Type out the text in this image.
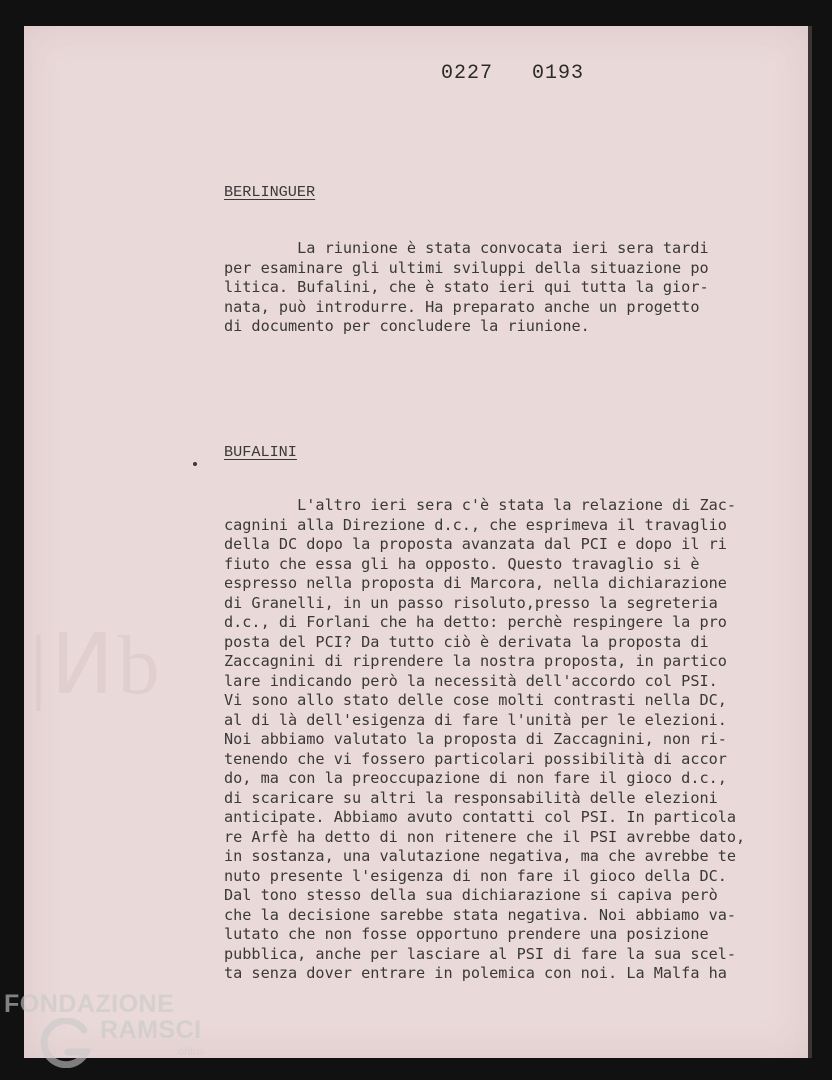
|Ͷb
0227   0193
BERLINGUER
La riunione è stata convocata ieri sera tardi
per esaminare gli ultimi sviluppi della situazione po
litica. Bufalini, che è stato ieri qui tutta la gior-
nata, può introdurre. Ha preparato anche un progetto
di documento per concludere la riunione.
BUFALINI
L'altro ieri sera c'è stata la relazione di Zac-
cagnini alla Direzione d.c., che esprimeva il travaglio
della DC dopo la proposta avanzata dal PCI e dopo il ri
fiuto che essa gli ha opposto. Questo travaglio si è
espresso nella proposta di Marcora, nella dichiarazione
di Granelli, in un passo risoluto,presso la segreteria
d.c., di Forlani che ha detto: perchè respingere la pro
posta del PCI? Da tutto ciò è derivata la proposta di
Zaccagnini di riprendere la nostra proposta, in partico
lare indicando però la necessità dell'accordo col PSI.
Vi sono allo stato delle cose molti contrasti nella DC,
al di là dell'esigenza di fare l'unità per le elezioni.
Noi abbiamo valutato la proposta di Zaccagnini, non ri-
tenendo che vi fossero particolari possibilità di accor
do, ma con la preoccupazione di non fare il gioco d.c.,
di scaricare su altri la responsabilità delle elezioni
anticipate. Abbiamo avuto contatti col PSI. In particola
re Arfè ha detto di non ritenere che il PSI avrebbe dato,
in sostanza, una valutazione negativa, ma che avrebbe te
nuto presente l'esigenza di non fare il gioco della DC.
Dal tono stesso della sua dichiarazione si capiva però
che la decisione sarebbe stata negativa. Noi abbiamo va-
lutato che non fosse opportuno prendere una posizione
pubblica, anche per lasciare al PSI di fare la sua scel-
ta senza dover entrare in polemica con noi. La Malfa ha
FONDAZIONE
RAMSCI
onlus
